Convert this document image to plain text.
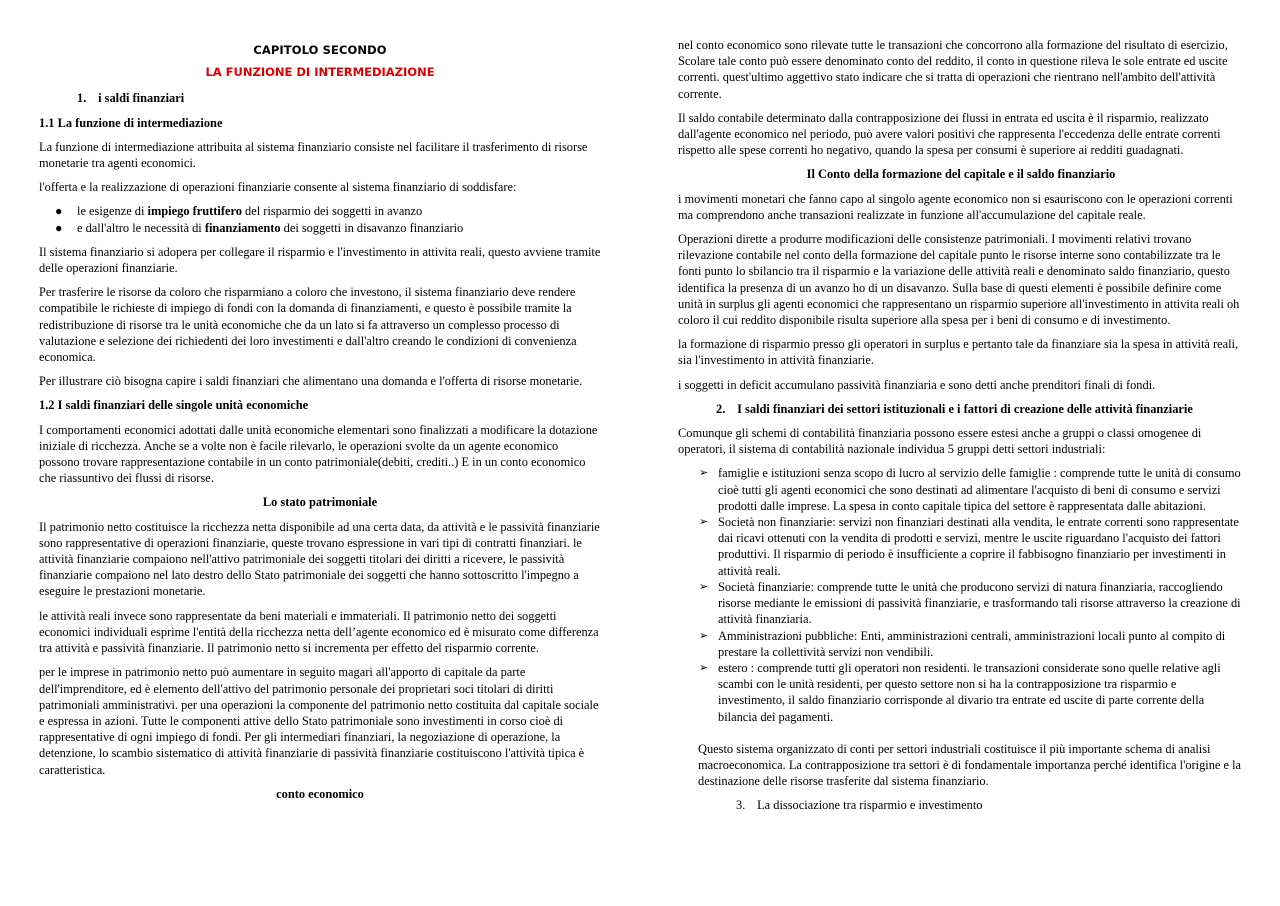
CAPITOLO SECONDO
LA FUNZIONE DI INTERMEDIAZIONE
1. i saldi finanziari
1.1 La funzione di intermediazione

La funzione di intermediazione attribuita al sistema finanziario consiste nel facilitare il trasferimento di risorse monetarie tra agenti economici.

l'offerta e la realizzazione di operazioni finanziarie consente al sistema finanziario di soddisfare:

● le esigenze di impiego fruttifero del risparmio dei soggetti in avanzo
● e dall'altro le necessità di finanziamento dei soggetti in disavanzo finanziario

Il sistema finanziario si adopera per collegare il risparmio e l'investimento in attivita reali, questo avviene tramite delle operazioni finanziarie.

Per trasferire le risorse da coloro che risparmiano a coloro che investono, il sistema finanziario deve rendere compatibile le richieste di impiego di fondi con la domanda di finanziamenti, e questo è possibile tramite la redistribuzione di risorse tra le unità economiche che da un lato si fa attraverso un complesso processo di valutazione e selezione dei richiedenti dei loro investimenti e dall'altro creando le condizioni di convenienza economica.

Per illustrare ciò bisogna capire i saldi finanziari che alimentano una domanda e l'offerta di risorse monetarie.

1.2 I saldi finanziari delle singole unità economiche

I comportamenti economici adottati dalle unità economiche elementari sono finalizzati a modificare la dotazione iniziale di ricchezza. Anche se a volte non è facile rilevarlo, le operazioni svolte da un agente economico possono trovare rappresentazione contabile in un conto patrimoniale(debiti, crediti..) E in un conto economico che riassuntivo dei flussi di risorse.

Lo stato patrimoniale

Il patrimonio netto costituisce la ricchezza netta disponibile ad una certa data, da attività e le passività finanziarie sono rappresentative di operazioni finanziarie, queste trovano espressione in vari tipi di contratti finanziari. le attività finanziarie compaiono nell'attivo patrimoniale dei soggetti titolari dei diritti a ricevere, le passività finanziarie compaiono nel lato destro dello Stato patrimoniale dei soggetti che hanno sottoscritto l'impegno a eseguire le prestazioni monetarie.

le attività reali invece sono rappresentate da beni materiali e immateriali. Il patrimonio netto dei soggetti economici individuali esprime l'entità della ricchezza netta dell’agente economico ed è misurato come differenza tra attività e passività finanziarie. Il patrimonio netto si incrementa per effetto del risparmio corrente.

per le imprese in patrimonio netto può aumentare in seguito magari all'apporto di capitale da parte dell'imprenditore, ed è elemento dell'attivo del patrimonio personale dei proprietari soci titolari di diritti patrimoniali amministrativi. per una operazioni la componente del patrimonio netto costituita dal capitale sociale e espressa in azioni. Tutte le componenti attive dello Stato patrimoniale sono investimenti in corso cioè di rappresentative di ogni impiego di fondi. Per gli intermediari finanziari, la negoziazione di operazione, la detenzione, lo scambio sistematico di attività finanziarie di passività finanziarie costituiscono l'attività tipica è caratteristica.

conto economico

nel conto economico sono rilevate tutte le transazioni che concorrono alla formazione del risultato di esercizio, Scolare tale conto può essere denominato conto del reddito, il conto in questione rileva le sole entrate ed uscite correnti. quest'ultimo aggettivo stato indicare che si tratta di operazioni che rientrano nell'ambito dell'attività corrente.

Il saldo contabile determinato dalla contrapposizione dei flussi in entrata ed uscita è il risparmio, realizzato dall'agente economico nel periodo, può avere valori positivi che rappresenta l'eccedenza delle entrate correnti rispetto alle spese correnti ho negativo, quando la spesa per consumi è superiore ai redditi guadagnati.

Il Conto della formazione del capitale e il saldo finanziario

i movimenti monetari che fanno capo al singolo agente economico non si esauriscono con le operazioni correnti ma comprendono anche transazioni realizzate in funzione all'accumulazione del capitale reale.

Operazioni dirette a produrre modificazioni delle consistenze patrimoniali. I movimenti relativi trovano rilevazione contabile nel conto della formazione del capitale punto le risorse interne sono contabilizzate tra le fonti punto lo sbilancio tra il risparmio e la variazione delle attività reali e denominato saldo finanziario, questo identifica la presenza di un avanzo ho di un disavanzo. Sulla base di questi elementi è possibile definire come unità in surplus gli agenti economici che rappresentano un risparmio superiore all'investimento in attivita reali oh coloro il cui reddito disponibile risulta superiore alla spesa per i beni di consumo e di investimento.

la formazione di risparmio presso gli operatori in surplus e pertanto tale da finanziare sia la spesa in attività reali, sia l'investimento in attività finanziarie.

i soggetti in deficit accumulano passività finanziaria e sono detti anche prenditori finali di fondi.

2. I saldi finanziari dei settori istituzionali e i fattori di creazione delle attività finanziarie

Comunque gli schemi di contabilità finanziaria possono essere estesi anche a gruppi o classi omogenee di operatori, il sistema di contabilità nazionale individua 5 gruppi detti settori industriali:

➢ famiglie e istituzioni senza scopo di lucro al servizio delle famiglie : comprende tutte le unità di consumo cioè tutti gli agenti economici che sono destinati ad alimentare l'acquisto di beni di consumo e servizi prodotti dalle imprese. La spesa in conto capitale tipica del settore è rappresentata dalle abitazioni.
➢ Società non finanziarie: servizi non finanziari destinati alla vendita, le entrate correnti sono rappresentate dai ricavi ottenuti con la vendita di prodotti e servizi, mentre le uscite riguardano l'acquisto dei fattori produttivi. Il risparmio di periodo è insufficiente a coprire il fabbisogno finanziario per investimenti in attività reali.
➢ Società finanziarie: comprende tutte le unità che producono servizi di natura finanziaria, raccogliendo risorse mediante le emissioni di passività finanziarie, e trasformando tali risorse attraverso la creazione di attività finanziaria.
➢ Amministrazioni pubbliche: Enti, amministrazioni centrali, amministrazioni locali punto al compito di prestare la collettività servizi non vendibili.
➢ estero : comprende tutti gli operatori non residenti. le transazioni considerate sono quelle relative agli scambi con le unità residenti, per questo settore non si ha la contrapposizione tra risparmio e investimento, il saldo finanziario corrisponde al divario tra entrate ed uscite di parte corrente della bilancia dei pagamenti.

Questo sistema organizzato di conti per settori industriali costituisce il più importante schema di analisi macroeconomica. La contrapposizione tra settori è di fondamentale importanza perché identifica l'origine e la destinazione delle risorse trasferite dal sistema finanziario.

3. La dissociazione tra risparmio e investimento
